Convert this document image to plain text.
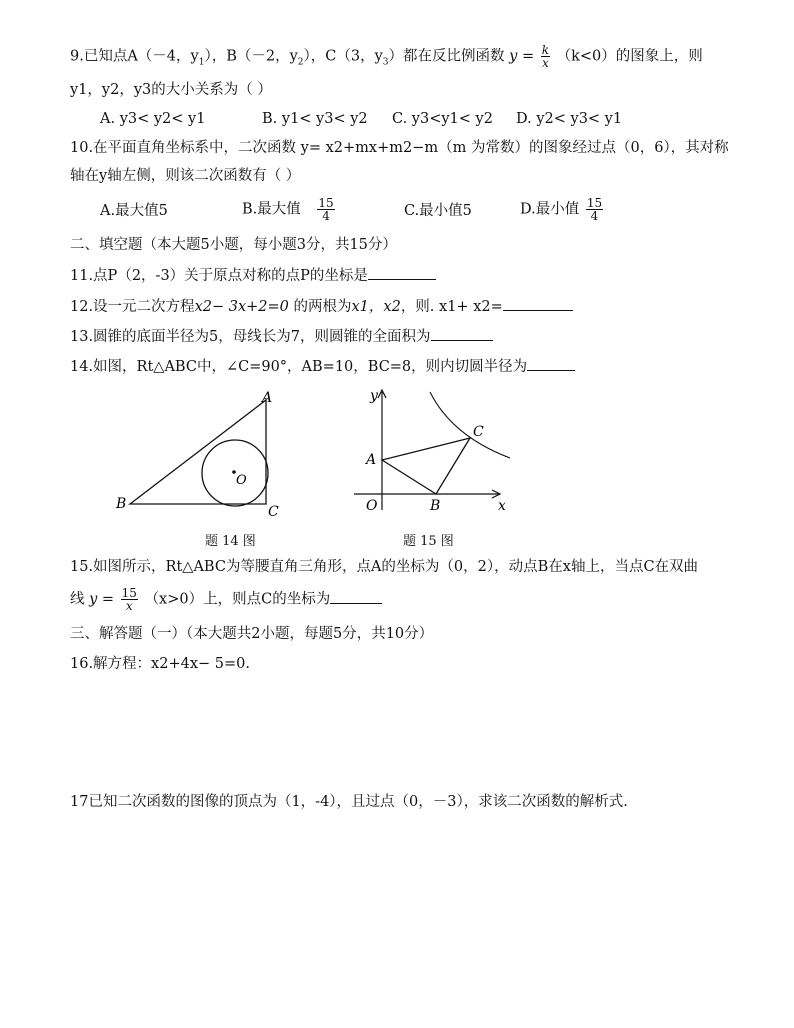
9.已知点A（－4，$y_1$），B（－2，$y_2$），C（3，$y_3$）都在反比例函数 $y = \frac{k}{x} (k<0)$的图象上，则
y1，y2，y3的大小关系为（ ）
A. y3< y2< y1	B. y1< y3< y2 C. y3<y1< y2 D. y2< y3< y1
10.在平面直角坐标系中，二次函数 y= x2+mx+m2−m（m 为常数）的图象经过点（0，6），其对称
轴在y轴左侧，则该二次函数有（ ）
A.最大值5	B.最大值 $\frac{15}{4}$	C.最小值5	D.最小值 $\frac{15}{4}$
二、填空题（本大题5小题，每小题3分，共15分）
11.点P（2，-3）关于原点对称的点P的坐标是
12.设一元二次方程x2− 3x+2=0 的两根为x1，x2，则. x1+ x2=
13.圆锥的底面半径为5，母线长为7，则圆锥的全面积为
14.如图，Rt△ABC中，∠C=90°，AB=10，BC=8，则内切圆半径为
A
B	C
O
题 14 图
y
x
O
A
B
C
题 15 图
15.如图所示，Rt△ABC为等腰直角三角形，点A的坐标为（0，2），动点B在x轴上，当点C在双曲
线 $y = \frac{15}{x} (x>0)$上，则点C的坐标为
三、解答题（一）（本大题共2小题，每题5分，共10分）
16.解方程：x2+4x− 5=0.
17已知二次函数的图像的顶点为（1，-4），且过点（0，－3），求该二次函数的解析式.
